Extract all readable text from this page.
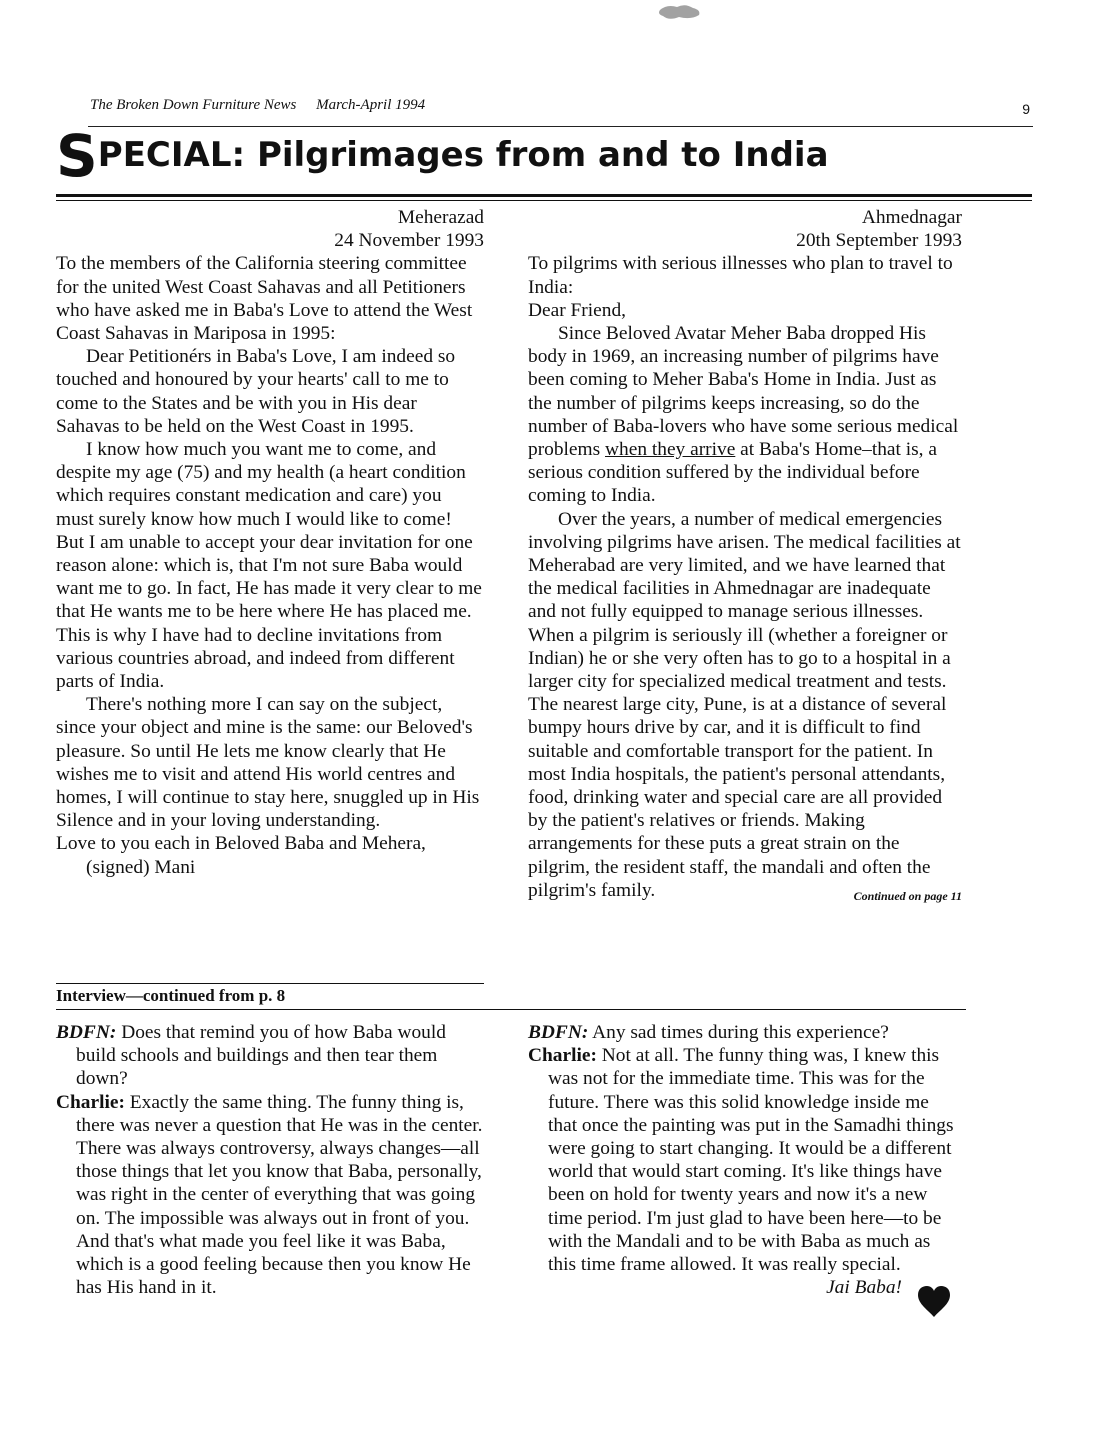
The Broken Down Furniture News March-April 1994	9
SPECIAL: Pilgrimages from and to India

Meherazad

24 November 1993

To the members of the California steering committee for the united West Coast Sahavas and all Petitioners who have asked me in Baba's Love to attend the West Coast Sahavas in Mariposa in 1995:

Dear Petitionérs in Baba's Love, I am indeed so touched and honoured by your hearts' call to me to come to the States and be with you in His dear Sahavas to be held on the West Coast in 1995.

I know how much you want me to come, and despite my age (75) and my health (a heart condition which requires constant medication and care) you must surely know how much I would like to come! But I am unable to accept your dear invitation for one reason alone: which is, that I'm not sure Baba would want me to go. In fact, He has made it very clear to me that He wants me to be here where He has placed me. This is why I have had to decline invitations from various countries abroad, and indeed from different parts of India.

There's nothing more I can say on the subject, since your object and mine is the same: our Beloved's pleasure. So until He lets me know clearly that He wishes me to visit and attend His world centres and homes, I will continue to stay here, snuggled up in His Silence and in your loving understanding.

Love to you each in Beloved Baba and Mehera,

(signed) Mani

Ahmednagar

20th September 1993

To pilgrims with serious illnesses who plan to travel to India:

Dear Friend,

Since Beloved Avatar Meher Baba dropped His body in 1969, an increasing number of pilgrims have been coming to Meher Baba's Home in India. Just as the number of pilgrims keeps increasing, so do the number of Baba-lovers who have some serious medical problems when they arrive at Baba's Home–that is, a serious condition suffered by the individual before coming to India.

Over the years, a number of medical emergencies involving pilgrims have arisen. The medical facilities at Meherabad are very limited, and we have learned that the medical facilities in Ahmednagar are inadequate and not fully equipped to manage serious illnesses. When a pilgrim is seriously ill (whether a foreigner or Indian) he or she very often has to go to a hospital in a larger city for specialized medical treatment and tests. The nearest large city, Pune, is at a distance of several bumpy hours drive by car, and it is difficult to find suitable and comfortable transport for the patient. In most India hospitals, the patient's personal attendants, food, drinking water and special care are all provided by the patient's relatives or friends. Making arrangements for these puts a great strain on the pilgrim, the resident staff, the mandali and often the pilgrim's family.	Continued on page 11

Interview—continued from p. 8

BDFN: Does that remind you of how Baba would build schools and buildings and then tear them down?

Charlie: Exactly the same thing. The funny thing is, there was never a question that He was in the center. There was always controversy, always changes—all those things that let you know that Baba, personally, was right in the center of everything that was going on. The impossible was always out in front of you. And that's what made you feel like it was Baba, which is a good feeling because then you know He has His hand in it.

BDFN: Any sad times during this experience?

Charlie: Not at all. The funny thing was, I knew this was not for the immediate time. This was for the future. There was this solid knowledge inside me that once the painting was put in the Samadhi things were going to start changing. It would be a different world that would start coming. It's like things have been on hold for twenty years and now it's a new time period. I'm just glad to have been here—to be with the Mandali and to be with Baba as much as this time frame allowed. It was really special.

Jai Baba!
